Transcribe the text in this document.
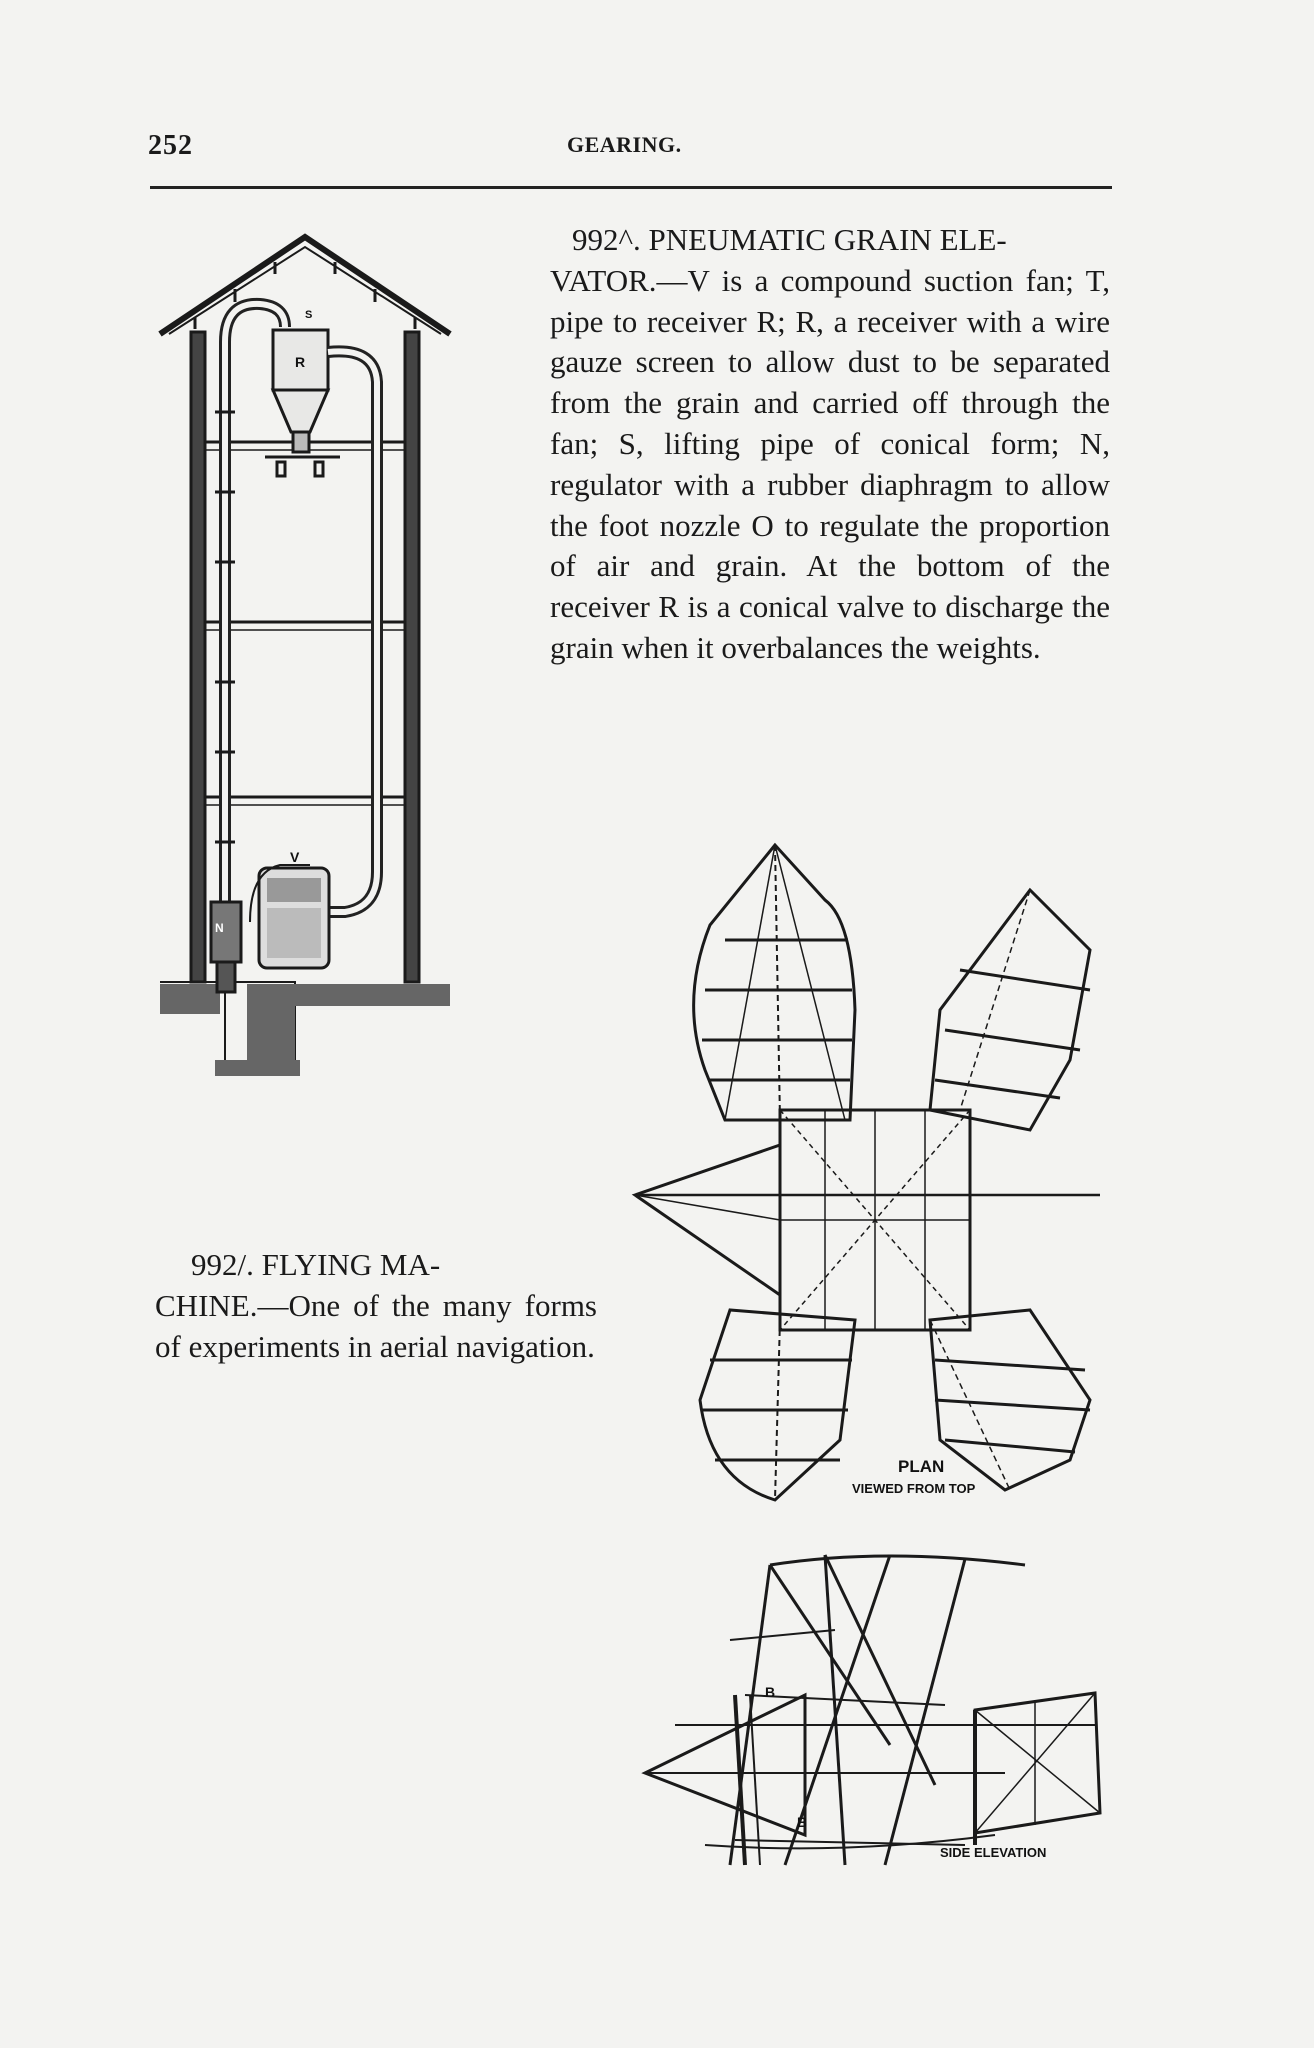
252	GEARING.
R
S
V
N
992^. PNEUMATIC GRAIN ELE-
VATOR.—V is a compound suction fan; T, pipe to receiver R; R, a receiver with a wire gauze screen to allow dust to be separated from the grain and carried off through the fan; S, lifting pipe of conical form; N, regulator with a rubber diaphragm to allow the foot nozzle O to regulate the proportion of air and grain. At the bottom of the receiver R is a conical valve to discharge the grain when it overbalances the weights.
PLAN
VIEWED FROM TOP
992/. FLYING MA-
CHINE.—One of the many forms of experiments in aerial navigation.
B
B
SIDE ELEVATION
